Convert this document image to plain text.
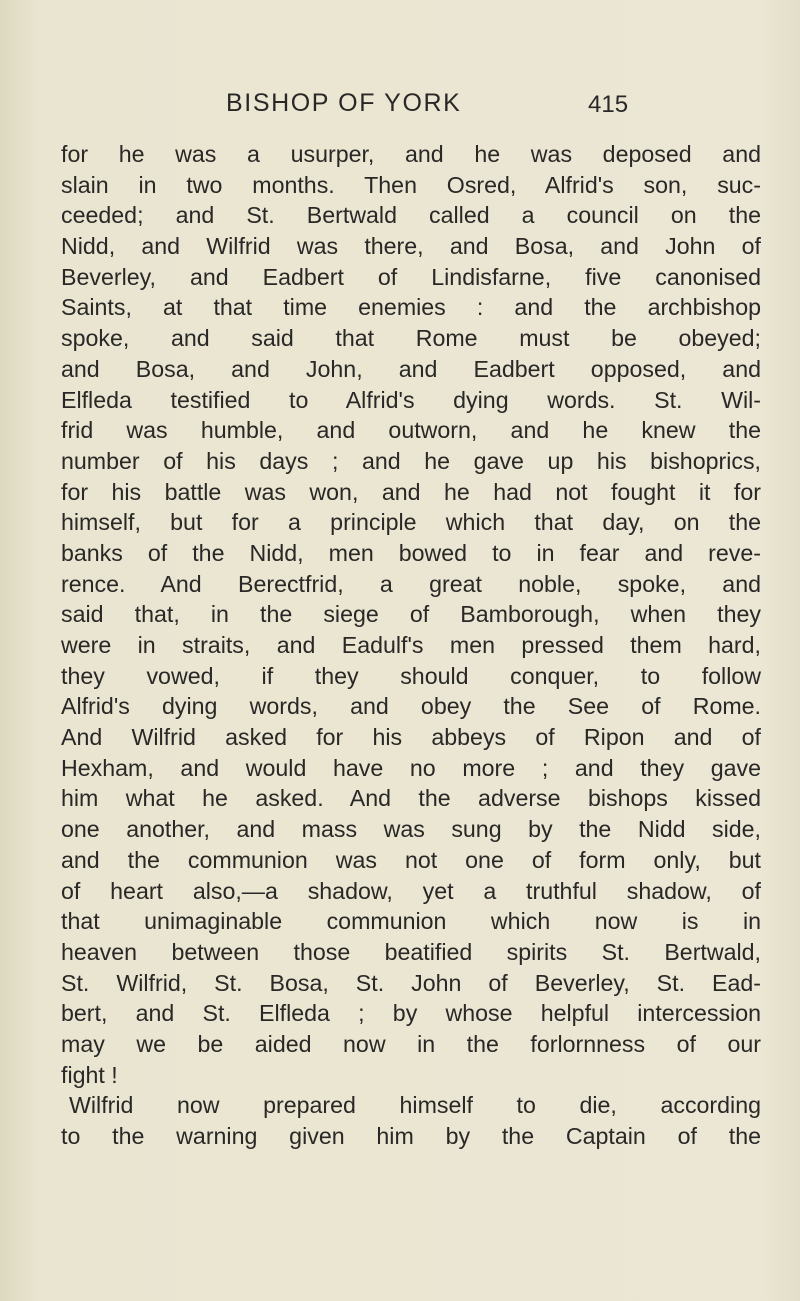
BISHOP OF YORK	415
for he was a usurper, and he was deposed and
slain in two months. Then Osred, Alfrid's son, suc-
ceeded; and St. Bertwald called a council on the
Nidd, and Wilfrid was there, and Bosa, and John of
Beverley, and Eadbert of Lindisfarne, five canonised
Saints, at that time enemies : and the archbishop
spoke, and said that Rome must be obeyed;
and Bosa, and John, and Eadbert opposed, and
Elfleda testified to Alfrid's dying words. St. Wil-
frid was humble, and outworn, and he knew the
number of his days ; and he gave up his bishoprics,
for his battle was won, and he had not fought it for
himself, but for a principle which that day, on the
banks of the Nidd, men bowed to in fear and reve-
rence. And Berectfrid, a great noble, spoke, and
said that, in the siege of Bamborough, when they
were in straits, and Eadulf's men pressed them hard,
they vowed, if they should conquer, to follow
Alfrid's dying words, and obey the See of Rome.
And Wilfrid asked for his abbeys of Ripon and of
Hexham, and would have no more ; and they gave
him what he asked. And the adverse bishops kissed
one another, and mass was sung by the Nidd side,
and the communion was not one of form only, but
of heart also,—a shadow, yet a truthful shadow, of
that unimaginable communion which now is in
heaven between those beatified spirits St. Bertwald,
St. Wilfrid, St. Bosa, St. John of Beverley, St. Ead-
bert, and St. Elfleda ; by whose helpful intercession
may we be aided now in the forlornness of our
fight !
Wilfrid now prepared himself to die, according
to the warning given him by the Captain of the
